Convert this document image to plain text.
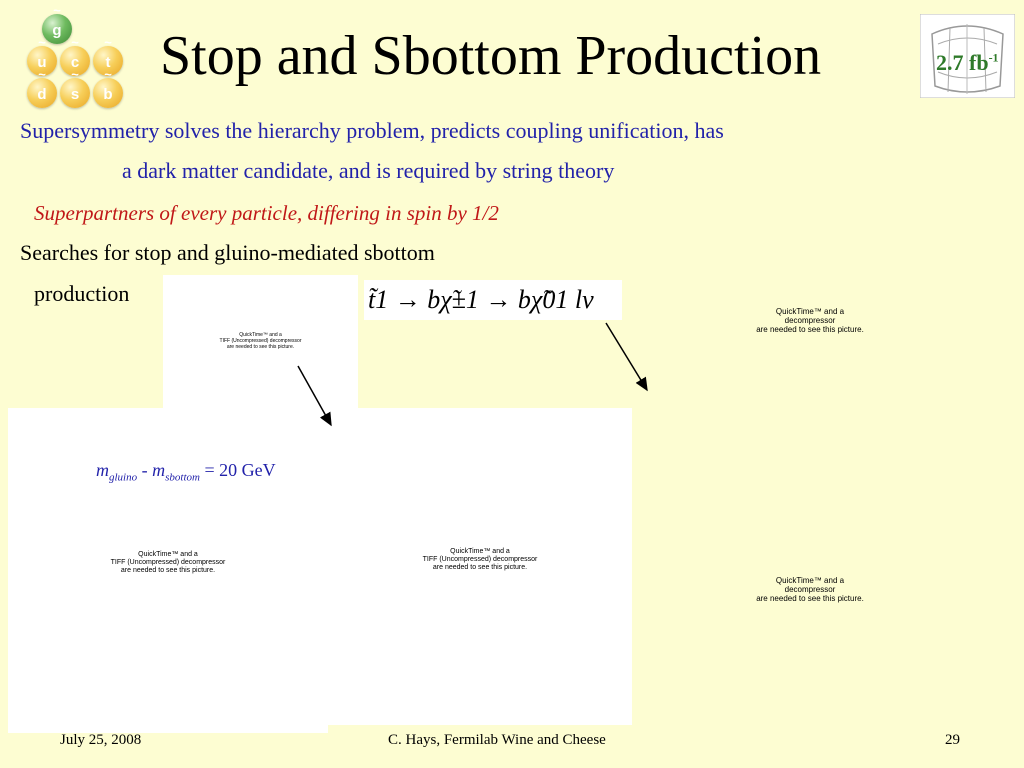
~
g
~
u
~
c
~
t
~
d
~
s
~
b
Stop and Sbottom Production	2.7 $fb^{-1}$
Supersymmetry solves the hierarchy problem, predicts coupling unification, has
a dark matter candidate, and is required by string theory
Superpartners of every particle, differing in spin by 1/2
Searches for stop and gluino-mediated sbottom
production
QuickTime™ and a
TIFF (Uncompressed) decompressor
are needed to see this picture.
QuickTime™ and a
TIFF (Uncompressed) decompressor
are needed to see this picture.
QuickTime™ and a
TIFF (Uncompressed) decompressor
are needed to see this picture.
QuickTime™ and a
decompressor
are needed to see this picture.
QuickTime™ and a
decompressor
are needed to see this picture.
t̃1 → bχ̃±1 → bχ̃01 lν
$m_{gluino} - m_{sbottom} = 20$ GeV
July 25, 2008	C. Hays, Fermilab Wine and Cheese	29
